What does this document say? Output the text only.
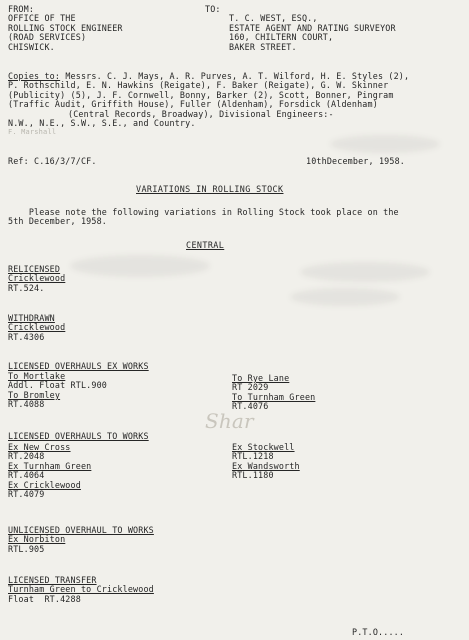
Shar
FROM:
OFFICE OF THE
ROLLING STOCK ENGINEER
(ROAD SERVICES)
CHISWICK.
TO:
T. C. WEST, ESQ.,
ESTATE AGENT AND RATING SURVEYOR
160, CHILTERN COURT,
BAKER STREET.
Copies to: Messrs. C. J. Mays, A. R. Purves, A. T. Wilford, H. E. Styles (2),
P. Rothschild, E. N. Hawkins (Reigate), F. Baker (Reigate), G. W. Skinner
(Publicity) (5), J. F. Cornwell, Bonny, Barker (2), Scott, Bonner, Pingram
(Traffic Audit, Griffith House), Fuller (Aldenham), Forsdick (Aldenham)
(Central Records, Broadway), Divisional Engineers:-
N.W., N.E., S.W., S.E., and Country.
F. Marshall
Ref: C.16/3/7/CF.	10thDecember, 1958.
VARIATIONS IN ROLLING STOCK
Please note the following variations in Rolling Stock took place on the
5th December, 1958.
CENTRAL
RELICENSED
Cricklewood
RT.524.
WITHDRAWN
Cricklewood
RT.4306
LICENSED OVERHAULS EX WORKS
To Mortlake
Addl. Float RTL.900
To Bromley
RT.4088
To Rye Lane
RT 2029
To Turnham Green
RT.4076
LICENSED OVERHAULS TO WORKS
Ex New Cross
RT.2048
Ex Turnham Green
RT.4064
Ex Cricklewood
RT.4079
Ex Stockwell
RTL.1218
Ex Wandsworth
RTL.1180
UNLICENSED OVERHAUL TO WORKS
Ex Norbiton
RTL.905
LICENSED TRANSFER
Turnham Green to Cricklewood
Float  RT.4288
P.T.O.....
